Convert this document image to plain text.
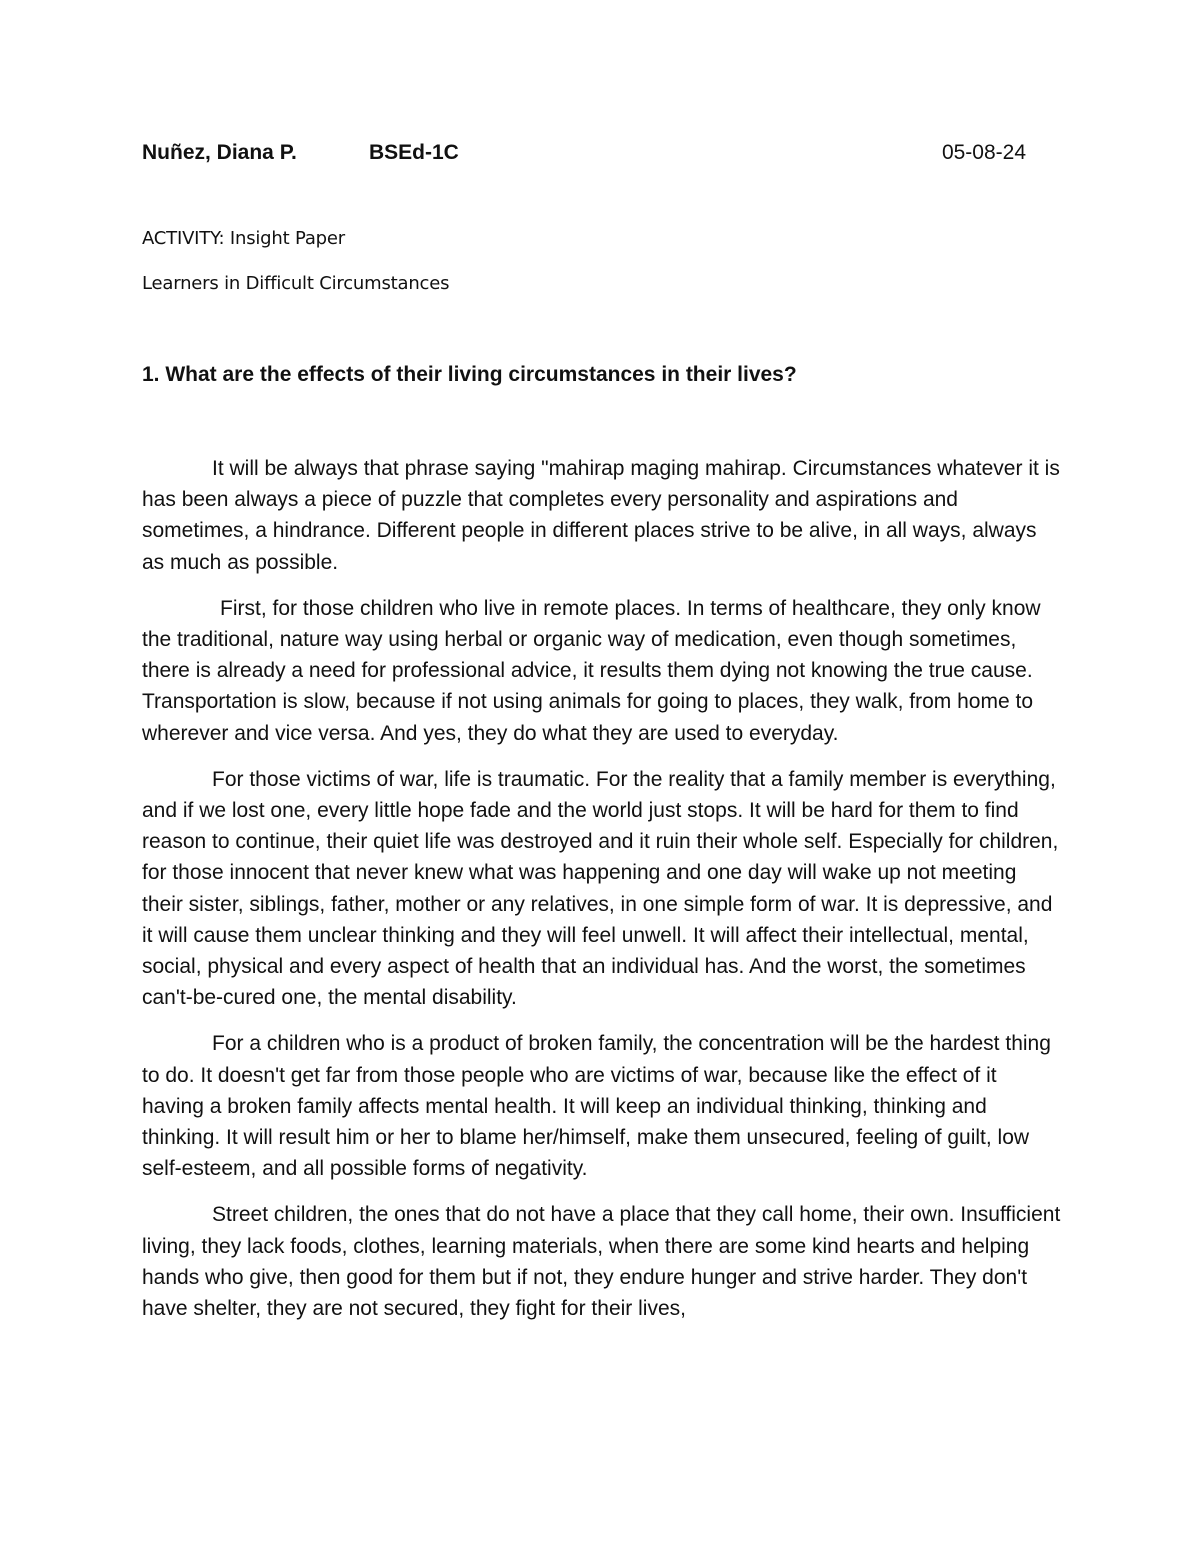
Nuñez, Diana P.	BSEd-1C	05-08-24
ACTIVITY: Insight Paper
Learners in Difficult Circumstances
1. What are the effects of their living circumstances in their lives?

It will be always that phrase saying "mahirap maging mahirap. Circumstances whatever it is has been always a piece of puzzle that completes every personality and aspirations and sometimes, a hindrance. Different people in different places strive to be alive, in all ways, always as much as possible.

First, for those children who live in remote places. In terms of healthcare, they only know the traditional, nature way using herbal or organic way of medication, even though sometimes, there is already a need for professional advice, it results them dying not knowing the true cause. Transportation is slow, because if not using animals for going to places, they walk, from home to wherever and vice versa. And yes, they do what they are used to everyday.

For those victims of war, life is traumatic. For the reality that a family member is everything, and if we lost one, every little hope fade and the world just stops. It will be hard for them to find reason to continue, their quiet life was destroyed and it ruin their whole self. Especially for children, for those innocent that never knew what was happening and one day will wake up not meeting their sister, siblings, father, mother or any relatives, in one simple form of war. It is depressive, and it will cause them unclear thinking and they will feel unwell. It will affect their intellectual, mental, social, physical and every aspect of health that an individual has. And the worst, the sometimes can't-be-cured one, the mental disability.

For a children who is a product of broken family, the concentration will be the hardest thing to do. It doesn't get far from those people who are victims of war, because like the effect of it having a broken family affects mental health. It will keep an individual thinking, thinking and thinking. It will result him or her to blame her/himself, make them unsecured, feeling of guilt, low self-esteem, and all possible forms of negativity.

Street children, the ones that do not have a place that they call home, their own. Insufficient living, they lack foods, clothes, learning materials, when there are some kind hearts and helping hands who give, then good for them but if not, they endure hunger and strive harder. They don't have shelter, they are not secured, they fight for their lives,
